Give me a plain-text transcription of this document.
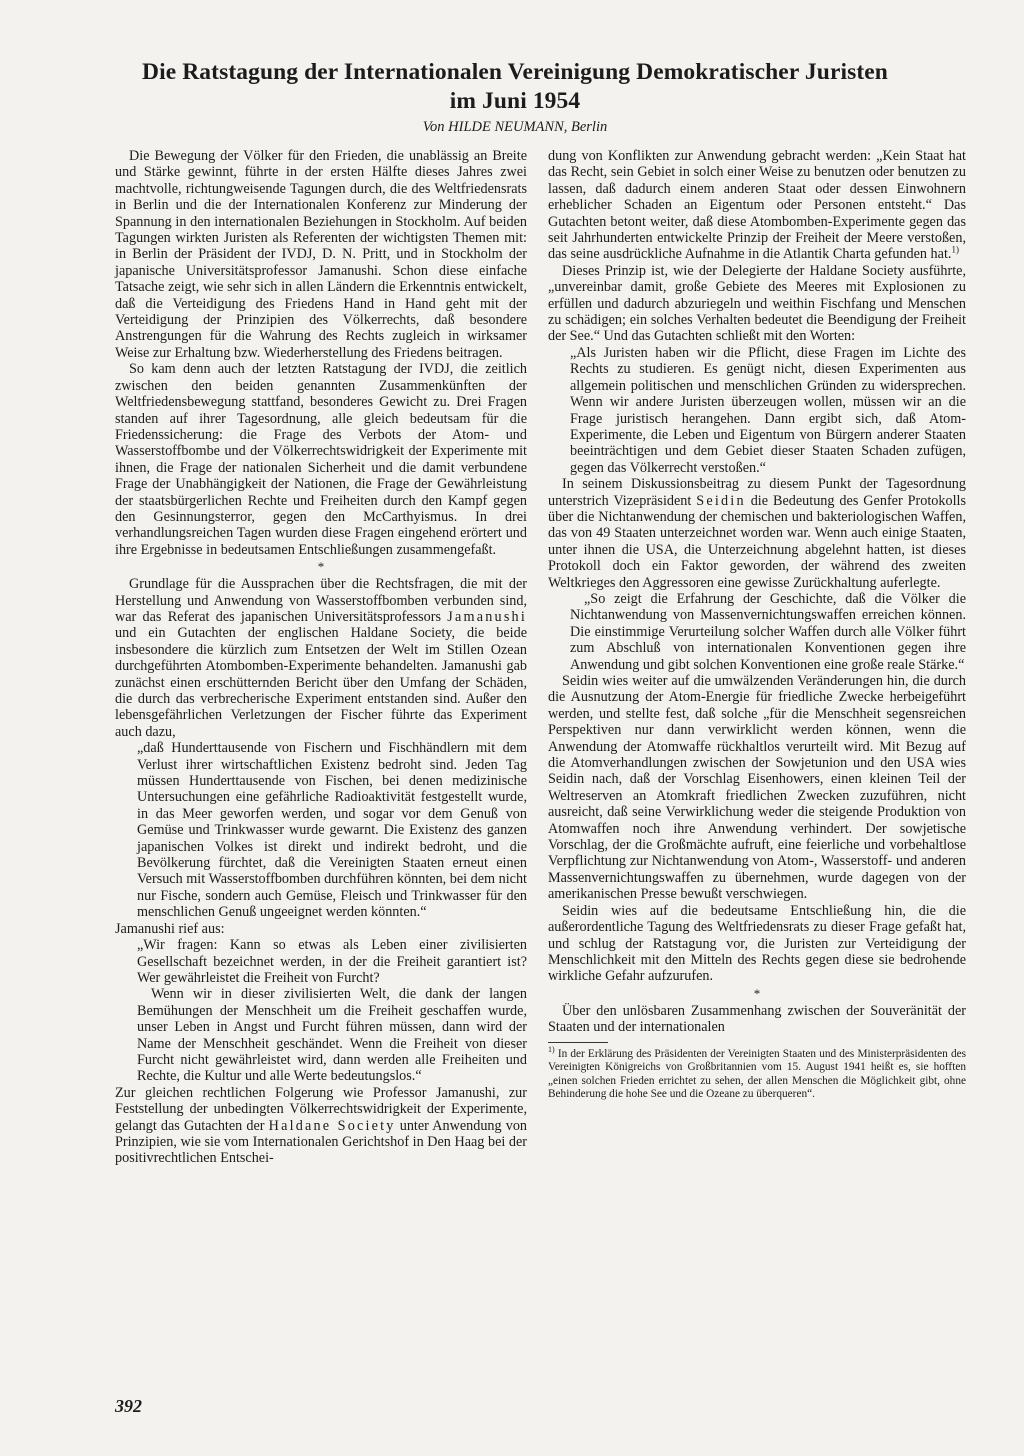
Die Ratstagung der Internationalen Vereinigung Demokratischer Juristen
im Juni 1954
Von HILDE NEUMANN, Berlin

Die Bewegung der Völker für den Frieden, die unablässig an Breite und Stärke gewinnt, führte in der ersten Hälfte dieses Jahres zwei machtvolle, richtungweisende Tagungen durch, die des Weltfriedensrats in Berlin und die der Internationalen Konferenz zur Minderung der Spannung in den internationalen Beziehungen in Stockholm. Auf beiden Tagungen wirkten Juristen als Referenten der wichtigsten Themen mit: in Berlin der Präsident der IVDJ, D. N. Pritt, und in Stockholm der japanische Universitätsprofessor Jamanushi. Schon diese einfache Tatsache zeigt, wie sehr sich in allen Ländern die Erkenntnis entwickelt, daß die Verteidigung des Friedens Hand in Hand geht mit der Verteidigung der Prinzipien des Völkerrechts, daß besondere Anstrengungen für die Wahrung des Rechts zugleich in wirksamer Weise zur Erhaltung bzw. Wiederherstellung des Friedens beitragen.

So kam denn auch der letzten Ratstagung der IVDJ, die zeitlich zwischen den beiden genannten Zusammenkünften der Weltfriedensbewegung stattfand, besonderes Gewicht zu. Drei Fragen standen auf ihrer Tagesordnung, alle gleich bedeutsam für die Friedenssicherung: die Frage des Verbots der Atom- und Wasserstoffbombe und der Völkerrechtswidrigkeit der Experimente mit ihnen, die Frage der nationalen Sicherheit und die damit verbundene Frage der Unabhängigkeit der Nationen, die Frage der Gewährleistung der staatsbürgerlichen Rechte und Freiheiten durch den Kampf gegen den Gesinnungsterror, gegen den McCarthyismus. In drei verhandlungsreichen Tagen wurden diese Fragen eingehend erörtert und ihre Ergebnisse in bedeutsamen Entschließungen zusammengefaßt.

*

Grundlage für die Aussprachen über die Rechtsfragen, die mit der Herstellung und Anwendung von Wasserstoffbomben verbunden sind, war das Referat des japanischen Universitätsprofessors Jamanushi und ein Gutachten der englischen Haldane Society, die beide insbesondere die kürzlich zum Entsetzen der Welt im Stillen Ozean durchgeführten Atombomben-Experimente behandelten. Jamanushi gab zunächst einen erschütternden Bericht über den Umfang der Schäden, die durch das verbrecherische Experiment entstanden sind. Außer den lebensgefährlichen Verletzungen der Fischer führte das Experiment auch dazu,

„daß Hunderttausende von Fischern und Fischhändlern mit dem Verlust ihrer wirtschaftlichen Existenz bedroht sind. Jeden Tag müssen Hunderttausende von Fischen, bei denen medizinische Untersuchungen eine gefährliche Radioaktivität festgestellt wurde, in das Meer geworfen werden, und sogar vor dem Genuß von Gemüse und Trinkwasser wurde gewarnt. Die Existenz des ganzen japanischen Volkes ist direkt und indirekt bedroht, und die Bevölkerung fürchtet, daß die Vereinigten Staaten erneut einen Versuch mit Wasserstoffbomben durchführen könnten, bei dem nicht nur Fische, sondern auch Gemüse, Fleisch und Trinkwasser für den menschlichen Genuß ungeeignet werden könnten.“

Jamanushi rief aus:

„Wir fragen: Kann so etwas als Leben einer zivilisierten Gesellschaft bezeichnet werden, in der die Freiheit garantiert ist? Wer gewährleistet die Freiheit von Furcht?

Wenn wir in dieser zivilisierten Welt, die dank der langen Bemühungen der Menschheit um die Freiheit geschaffen wurde, unser Leben in Angst und Furcht führen müssen, dann wird der Name der Menschheit geschändet. Wenn die Freiheit von dieser Furcht nicht gewährleistet wird, dann werden alle Freiheiten und Rechte, die Kultur und alle Werte bedeutungslos.“

Zur gleichen rechtlichen Folgerung wie Professor Jamanushi, zur Feststellung der unbedingten Völkerrechtswidrigkeit der Experimente, gelangt das Gutachten der Haldane Society unter Anwendung von Prinzipien, wie sie vom Internationalen Gerichtshof in Den Haag bei der positivrechtlichen Entschei-

dung von Konflikten zur Anwendung gebracht werden: „Kein Staat hat das Recht, sein Gebiet in solch einer Weise zu benutzen oder benutzen zu lassen, daß dadurch einem anderen Staat oder dessen Einwohnern erheblicher Schaden an Eigentum oder Personen entsteht.“ Das Gutachten betont weiter, daß diese Atombomben-Experimente gegen das seit Jahrhunderten entwickelte Prinzip der Freiheit der Meere verstoßen, das seine ausdrückliche Aufnahme in die Atlantik Charta gefunden hat.$^{1)}$

Dieses Prinzip ist, wie der Delegierte der Haldane Society ausführte, „unvereinbar damit, große Gebiete des Meeres mit Explosionen zu erfüllen und dadurch abzuriegeln und weithin Fischfang und Menschen zu schädigen; ein solches Verhalten bedeutet die Beendigung der Freiheit der See.“ Und das Gutachten schließt mit den Worten:

„Als Juristen haben wir die Pflicht, diese Fragen im Lichte des Rechts zu studieren. Es genügt nicht, diesen Experimenten aus allgemein politischen und menschlichen Gründen zu widersprechen. Wenn wir andere Juristen überzeugen wollen, müssen wir an die Frage juristisch herangehen. Dann ergibt sich, daß Atom-Experimente, die Leben und Eigentum von Bürgern anderer Staaten beeinträchtigen und dem Gebiet dieser Staaten Schaden zufügen, gegen das Völkerrecht verstoßen.“

In seinem Diskussionsbeitrag zu diesem Punkt der Tagesordnung unterstrich Vizepräsident Seidin die Bedeutung des Genfer Protokolls über die Nichtanwendung der chemischen und bakteriologischen Waffen, das von 49 Staaten unterzeichnet worden war. Wenn auch einige Staaten, unter ihnen die USA, die Unterzeichnung abgelehnt hatten, ist dieses Protokoll doch ein Faktor geworden, der während des zweiten Weltkrieges den Aggressoren eine gewisse Zurückhaltung auferlegte.

„So zeigt die Erfahrung der Geschichte, daß die Völker die Nichtanwendung von Massenvernichtungswaffen erreichen können. Die einstimmige Verurteilung solcher Waffen durch alle Völker führt zum Abschluß von internationalen Konventionen gegen ihre Anwendung und gibt solchen Konventionen eine große reale Stärke.“

Seidin wies weiter auf die umwälzenden Veränderungen hin, die durch die Ausnutzung der Atom-Energie für friedliche Zwecke herbeigeführt werden, und stellte fest, daß solche „für die Menschheit segensreichen Perspektiven nur dann verwirklicht werden können, wenn die Anwendung der Atomwaffe rückhaltlos verurteilt wird. Mit Bezug auf die Atomverhandlungen zwischen der Sowjetunion und den USA wies Seidin nach, daß der Vorschlag Eisenhowers, einen kleinen Teil der Weltreserven an Atomkraft friedlichen Zwecken zuzuführen, nicht ausreicht, daß seine Verwirklichung weder die steigende Produktion von Atomwaffen noch ihre Anwendung verhindert. Der sowjetische Vorschlag, der die Großmächte aufruft, eine feierliche und vorbehaltlose Verpflichtung zur Nichtanwendung von Atom-, Wasserstoff- und anderen Massenvernichtungswaffen zu übernehmen, wurde dagegen von der amerikanischen Presse bewußt verschwiegen.

Seidin wies auf die bedeutsame Entschließung hin, die die außerordentliche Tagung des Weltfriedensrats zu dieser Frage gefaßt hat, und schlug der Ratstagung vor, die Juristen zur Verteidigung der Menschlichkeit mit den Mitteln des Rechts gegen diese sie bedrohende wirkliche Gefahr aufzurufen.

*

Über den unlösbaren Zusammenhang zwischen der Souveränität der Staaten und der internationalen

$^{1)}$ In der Erklärung des Präsidenten der Vereinigten Staaten und des Ministerpräsidenten des Vereinigten Königreichs von Großbritannien vom 15. August 1941 heißt es, sie hofften „einen solchen Frieden errichtet zu sehen, der allen Menschen die Möglichkeit gibt, ohne Behinderung die hohe See und die Ozeane zu überqueren“.

392
